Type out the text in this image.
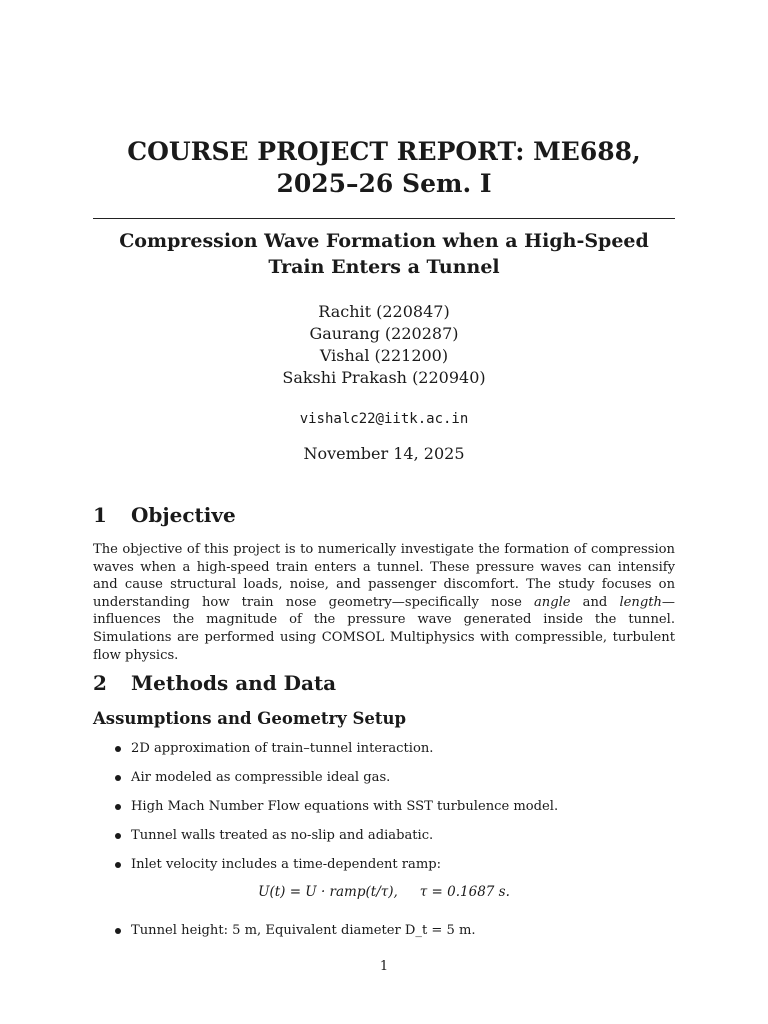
COURSE PROJECT REPORT: ME688,
2025–26 Sem. I
Compression Wave Formation when a High-Speed
Train Enters a Tunnel
Rachit (220847)
Gaurang (220287)
Vishal (221200)
Sakshi Prakash (220940)
vishalc22@iitk.ac.in
November 14, 2025
1 Objective
The objective of this project is to numerically investigate the formation of compression waves when a high-speed train enters a tunnel. These pressure waves can intensify and cause structural loads, noise, and passenger discomfort. The study focuses on understanding how train nose geometry—specifically nose angle and length—influences the magnitude of the pressure wave generated inside the tunnel. Simulations are performed using COMSOL Multiphysics with compressible, turbulent flow physics.
2 Methods and Data
Assumptions and Geometry Setup
2D approximation of train–tunnel interaction.
Air modeled as compressible ideal gas.
High Mach Number Flow equations with SST turbulence model.
Tunnel walls treated as no-slip and adiabatic.
Inlet velocity includes a time-dependent ramp:
Tunnel height: 5 m, Equivalent diameter D_t = 5 m.
U(t) = U · ramp(t/τ), τ = 0.1687 s.
1
